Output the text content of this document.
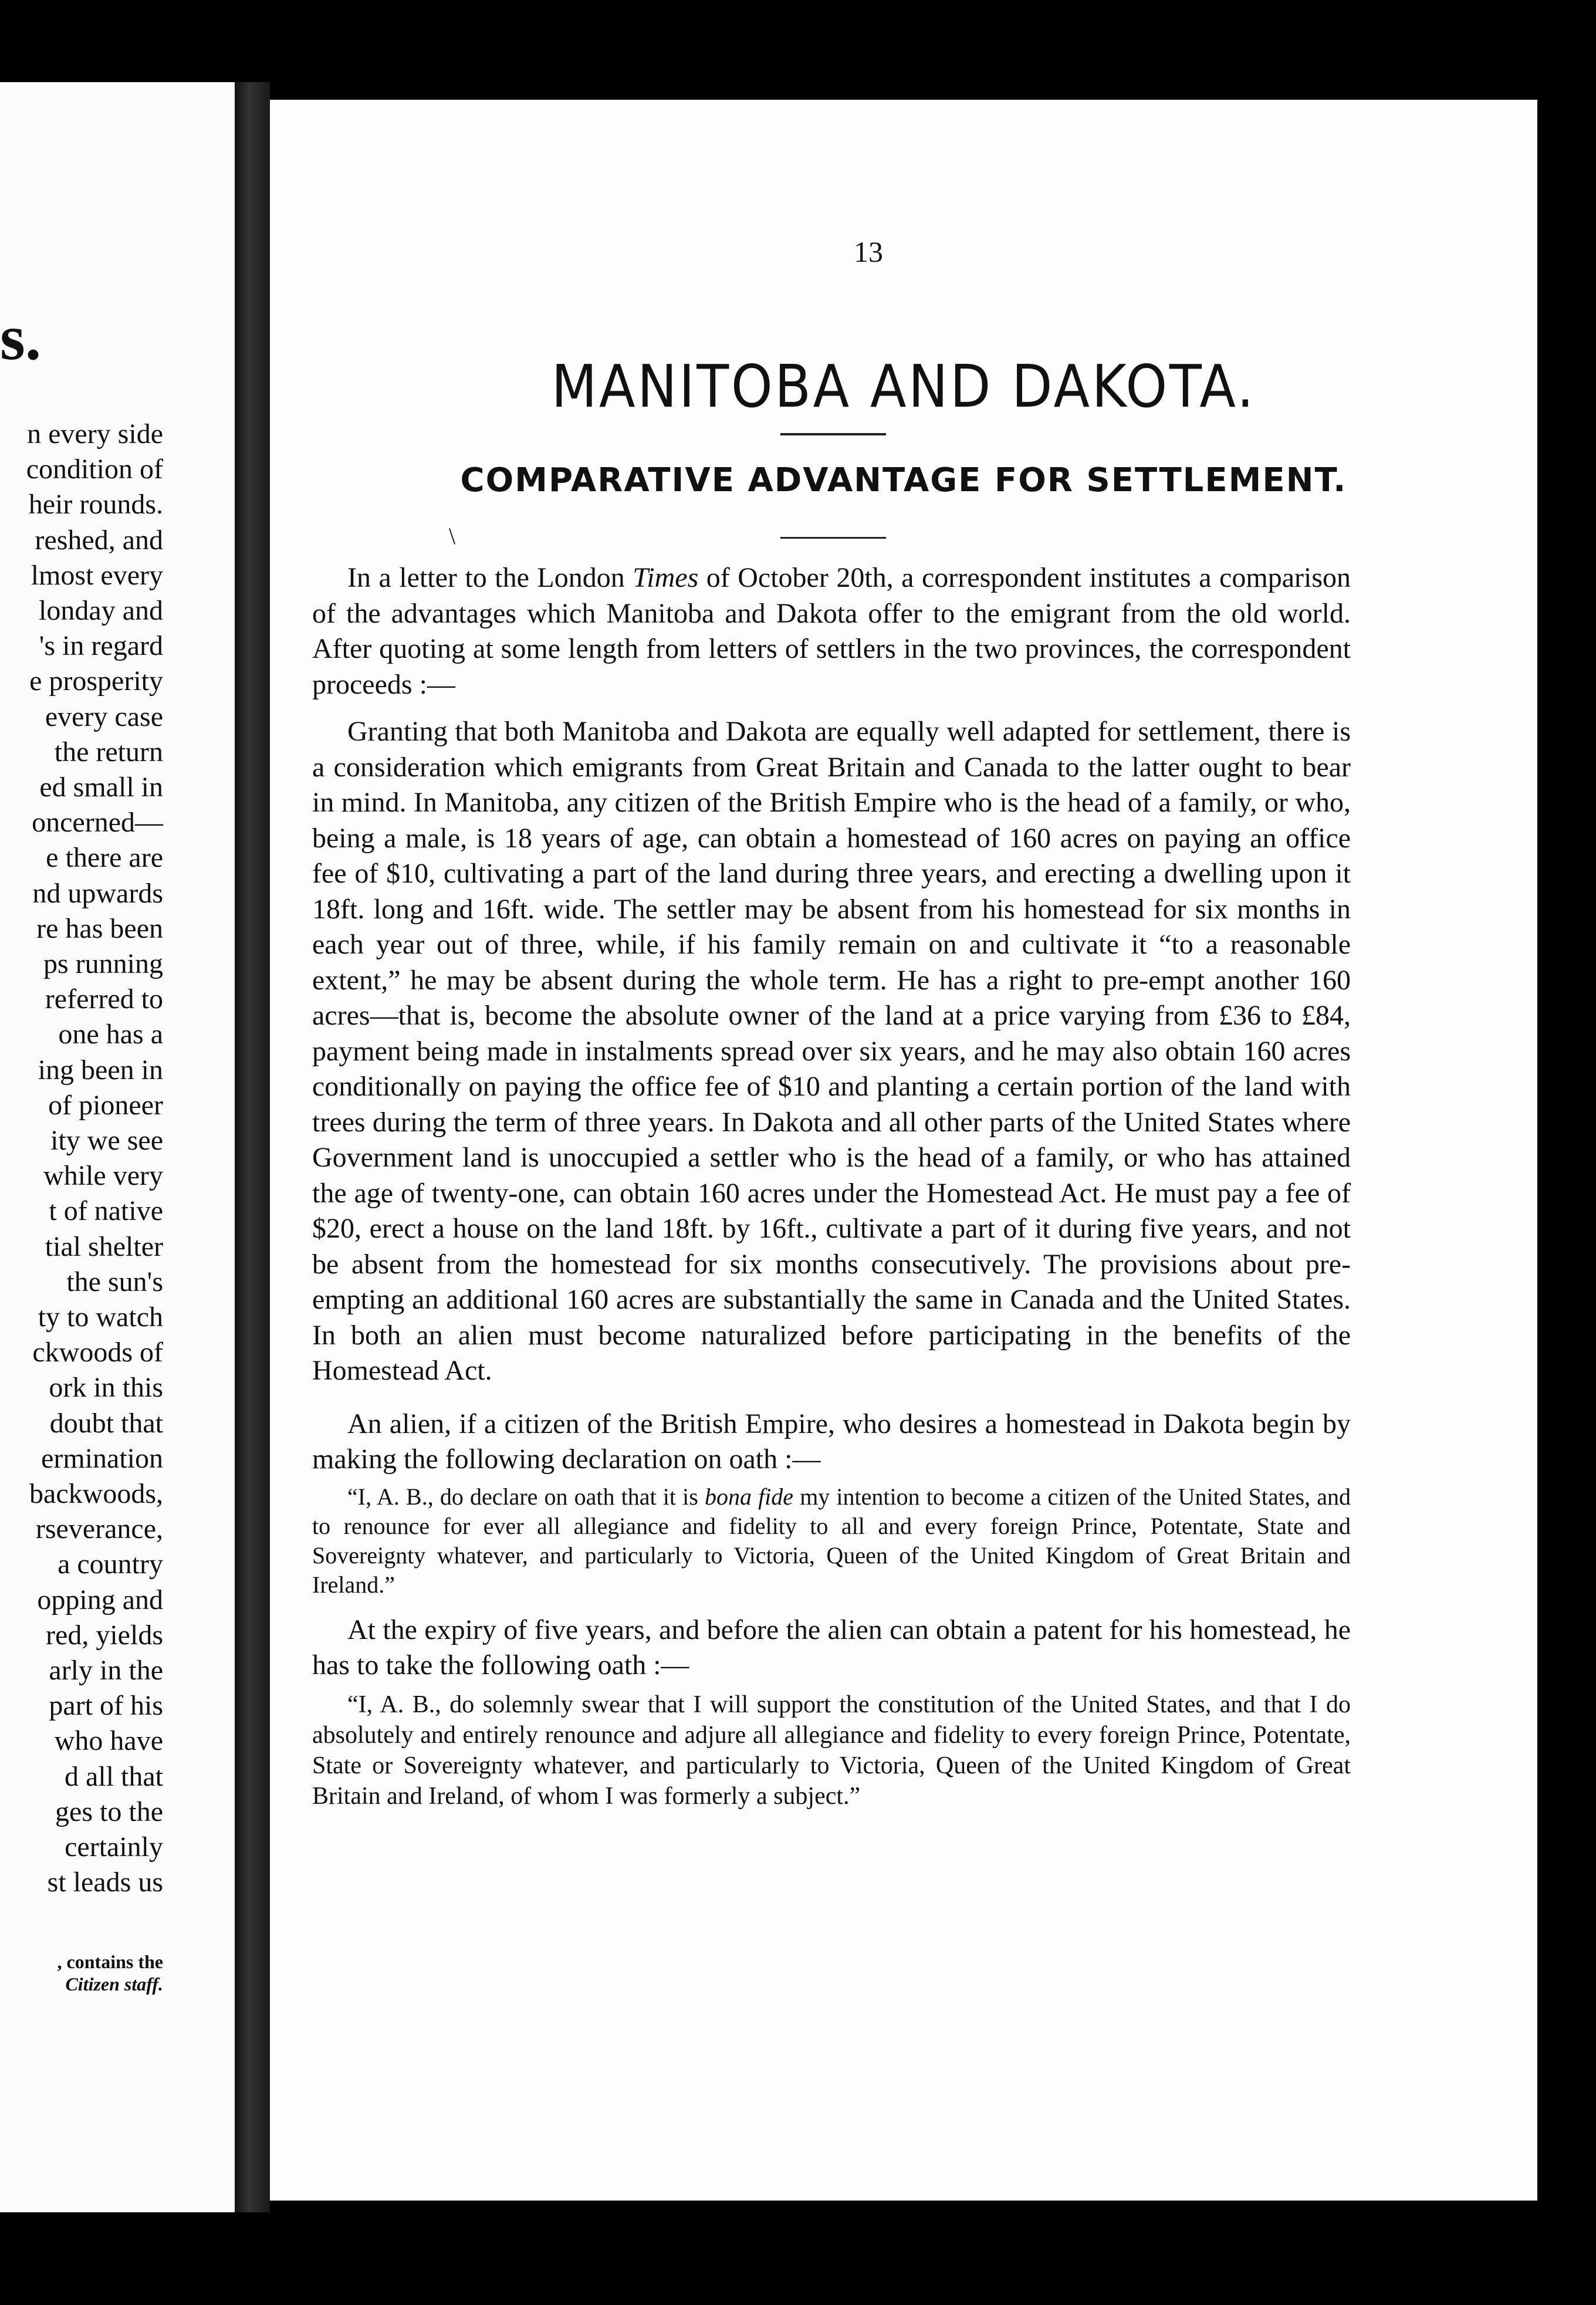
s.
n every side
condition of
heir rounds.
reshed, and
lmost every
londay and
's in regard
e prosperity
every case
the return
ed small in
oncerned—
e there are
nd upwards
re has been
ps running
referred to
one has a
ing been in
of pioneer
ity we see
while very
t of native
tial shelter
the sun's
ty to watch
ckwoods of
ork in this
doubt that
ermination
backwoods,
rseverance,
a country
opping and
red, yields
arly in the
part of his
who have
d all that
ges to the
certainly
st leads us
, contains the
Citizen staff.
13
MANITOBA AND DAKOTA.
COMPARATIVE ADVANTAGE FOR SETTLEMENT.
\

In a letter to the London Times of October 20th, a correspondent institutes a comparison of the advantages which Manitoba and Dakota offer to the emigrant from the old world. After quoting at some length from letters of settlers in the two provinces, the correspondent proceeds :—

Granting that both Manitoba and Dakota are equally well adapted for settlement, there is a consideration which emigrants from Great Britain and Canada to the latter ought to bear in mind. In Manitoba, any citizen of the British Empire who is the head of a family, or who, being a male, is 18 years of age, can obtain a homestead of 160 acres on paying an office fee of $10, cultivating a part of the land during three years, and erecting a dwelling upon it 18ft. long and 16ft. wide. The settler may be absent from his homestead for six months in each year out of three, while, if his family remain on and cultivate it “to a reasonable extent,” he may be absent during the whole term. He has a right to pre-empt another 160 acres—that is, become the absolute owner of the land at a price varying from £36 to £84, payment being made in instalments spread over six years, and he may also obtain 160 acres conditionally on paying the office fee of $10 and planting a certain portion of the land with trees during the term of three years. In Dakota and all other parts of the United States where Government land is unoccupied a settler who is the head of a family, or who has attained the age of twenty-one, can obtain 160 acres under the Homestead Act. He must pay a fee of $20, erect a house on the land 18ft. by 16ft., cultivate a part of it during five years, and not be absent from the homestead for six months consecutively. The provisions about pre-empting an additional 160 acres are substantially the same in Canada and the United States. In both an alien must become naturalized before participating in the benefits of the Homestead Act.

An alien, if a citizen of the British Empire, who desires a homestead in Dakota begin by making the following declaration on oath :—

“I, A. B., do declare on oath that it is bona fide my intention to become a citizen of the United States, and to renounce for ever all allegiance and fidelity to all and every foreign Prince, Potentate, State and Sovereignty whatever, and particularly to Victoria, Queen of the United Kingdom of Great Britain and Ireland.”

At the expiry of five years, and before the alien can obtain a patent for his homestead, he has to take the following oath :—

“I, A. B., do solemnly swear that I will support the constitution of the United States, and that I do absolutely and entirely renounce and adjure all allegiance and fidelity to every foreign Prince, Potentate, State or Sovereignty whatever, and particularly to Victoria, Queen of the United Kingdom of Great Britain and Ireland, of whom I was formerly a subject.”
